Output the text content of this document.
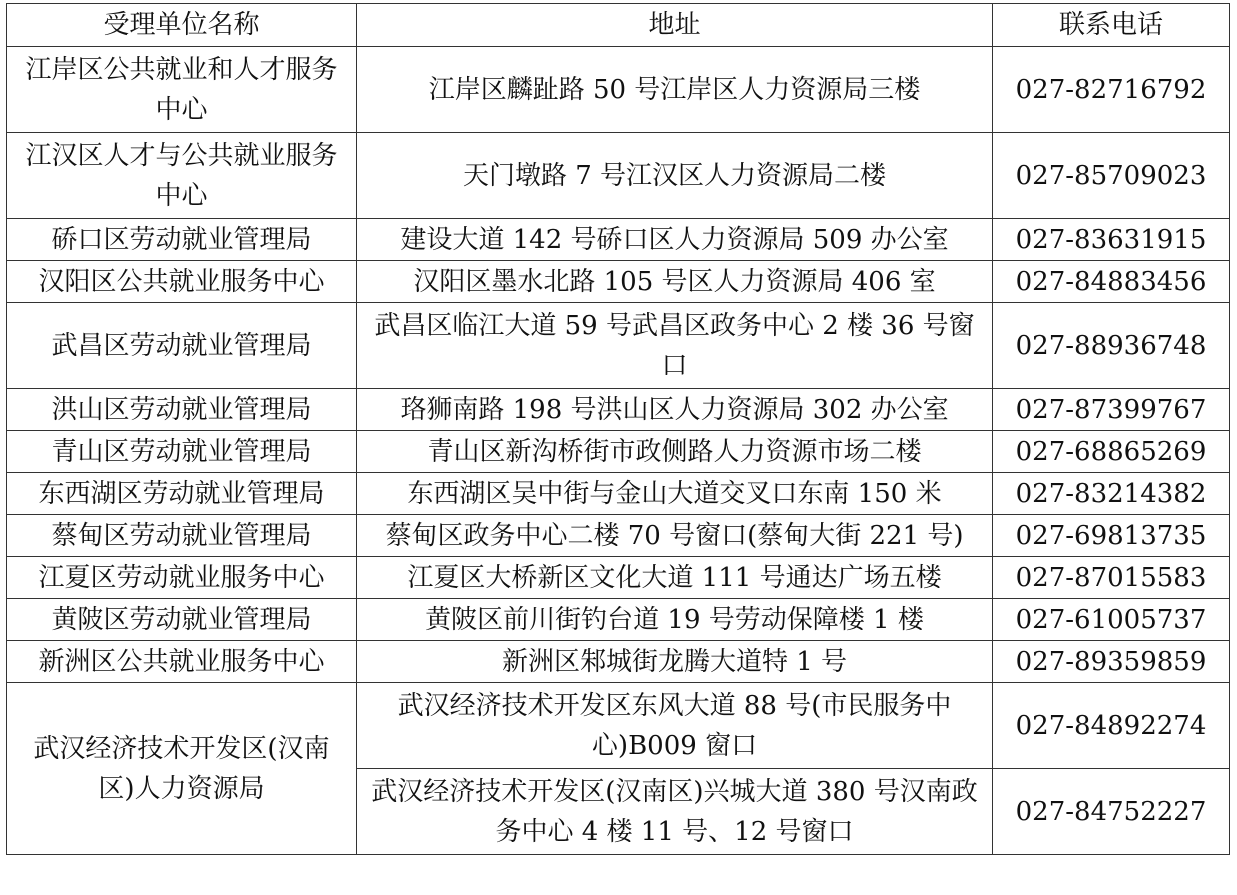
受理单位名称	地址	联系电话
江岸区公共就业和人才服务中心	江岸区麟趾路 50 号江岸区人力资源局三楼	027-82716792
江汉区人才与公共就业服务中心	天门墩路 7 号江汉区人力资源局二楼	027-85709023
硚口区劳动就业管理局	建设大道 142 号硚口区人力资源局 509 办公室	027-83631915
汉阳区公共就业服务中心	汉阳区墨水北路 105 号区人力资源局 406 室	027-84883456
武昌区劳动就业管理局	武昌区临江大道 59 号武昌区政务中心 2 楼 36 号窗口	027-88936748
洪山区劳动就业管理局	珞狮南路 198 号洪山区人力资源局 302 办公室	027-87399767
青山区劳动就业管理局	青山区新沟桥街市政侧路人力资源市场二楼	027-68865269
东西湖区劳动就业管理局	东西湖区吴中街与金山大道交叉口东南 150 米	027-83214382
蔡甸区劳动就业管理局	蔡甸区政务中心二楼 70 号窗口(蔡甸大街 221 号)	027-69813735
江夏区劳动就业服务中心	江夏区大桥新区文化大道 111 号通达广场五楼	027-87015583
黄陂区劳动就业管理局	黄陂区前川街钓台道 19 号劳动保障楼 1 楼	027-61005737
新洲区公共就业服务中心	新洲区邾城街龙腾大道特 1 号	027-89359859
武汉经济技术开发区(汉南区)人力资源局	武汉经济技术开发区东风大道 88 号(市民服务中心)B009 窗口	027-84892274
	武汉经济技术开发区(汉南区)兴城大道 380 号汉南政务中心 4 楼 11 号、12 号窗口	027-84752227
